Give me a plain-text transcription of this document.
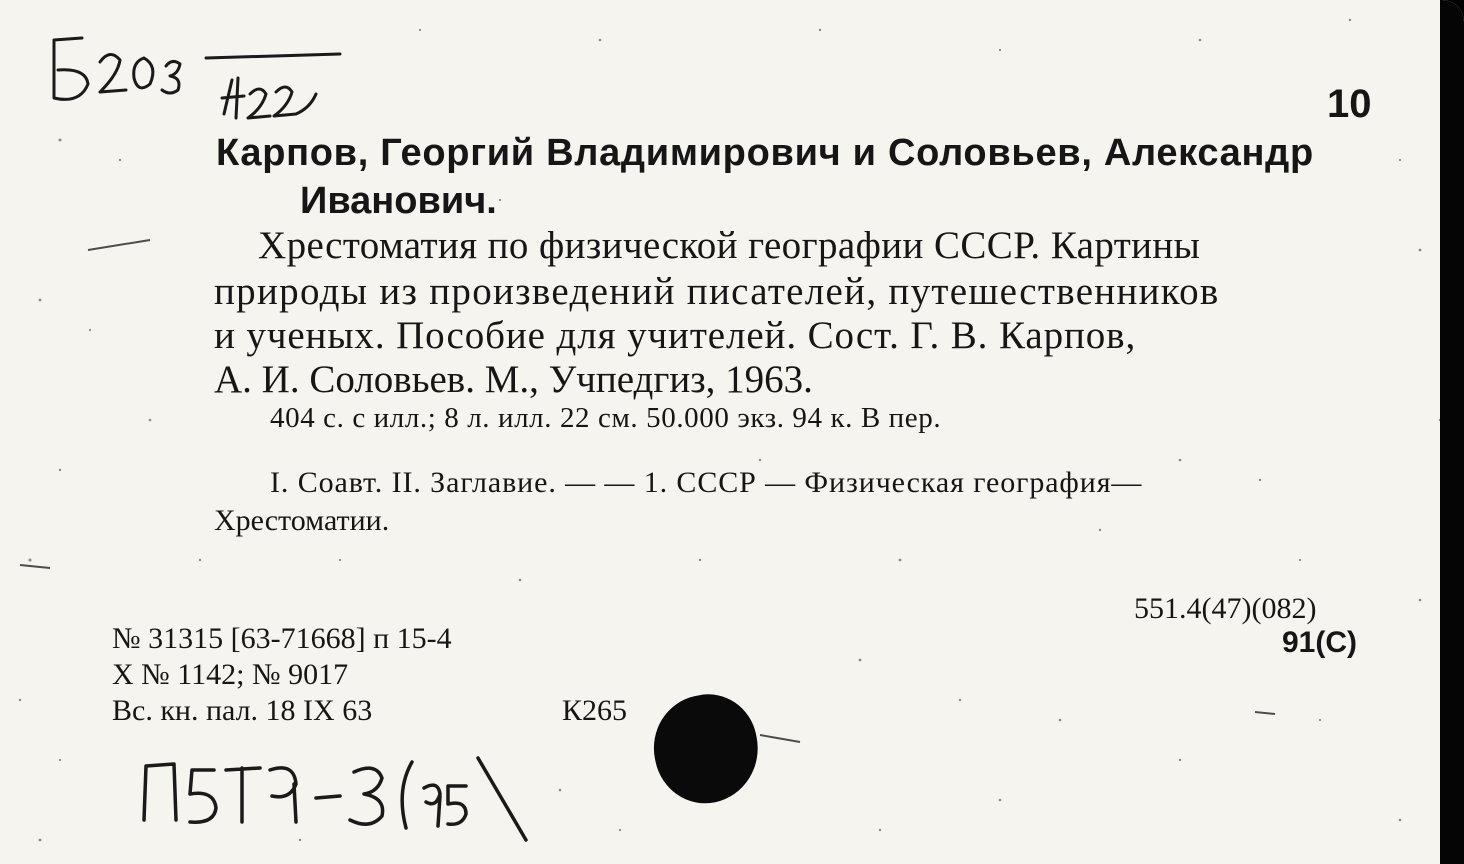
10
Карпов, Георгий Владимирович и Соловьев, Александр
Иванович.
Хрестоматия по физической географии СССР. Картины
природы из произведений писателей, путешественников
и ученых. Пособие для учителей. Сост. Г. В. Карпов,
А. И. Соловьев. М., Учпедгиз, 1963.
404 с. с илл.; 8 л. илл. 22 см. 50.000 экз. 94 к. В пер.
I. Соавт. II. Заглавие. — — 1. СССР — Физическая география—
Хрестоматии.
551.4(47)(082)
91(С)
№ 31315 [63-71668] п 15-4
X № 1142; № 9017
Вс. кн. пал. 18 IX 63	К265
